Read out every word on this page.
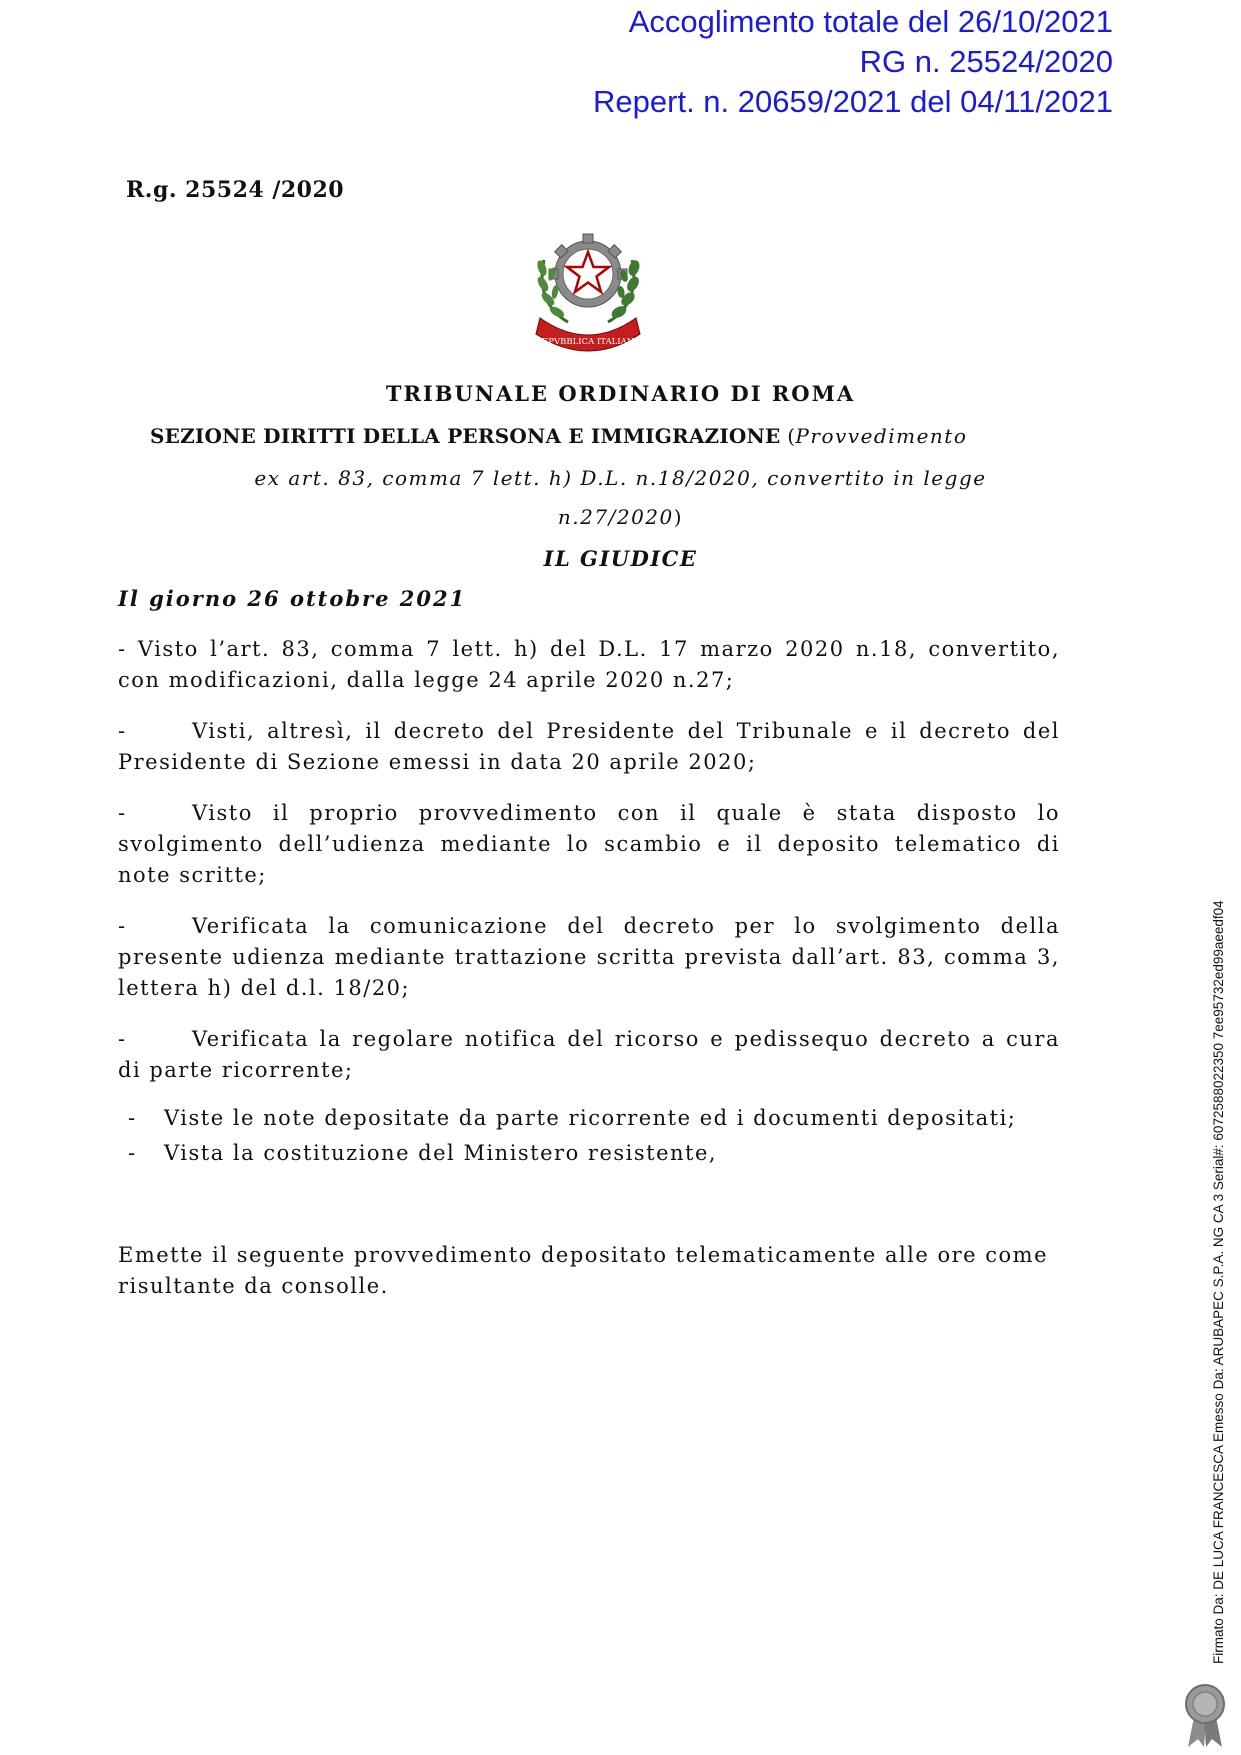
Accoglimento totale del 26/10/2021
RG n. 25524/2020
Repert. n. 20659/2021 del 04/11/2021
R.g. 25524 /2020
REPVBBLICA ITALIANA
TRIBUNALE ORDINARIO DI ROMA
SEZIONE DIRITTI DELLA PERSONA E IMMIGRAZIONE (Provvedimento
ex art. 83, comma 7 lett. h) D.L. n.18/2020, convertito in legge
n.27/2020)
IL GIUDICE
Il giorno 26 ottobre 2021
- Visto l’art. 83, comma 7 lett. h) del D.L. 17 marzo 2020 n.18, convertito, con modificazioni, dalla legge 24 aprile 2020 n.27;
-	Visti, altresì, il decreto del Presidente del Tribunale e il decreto del Presidente di Sezione emessi in data 20 aprile 2020;
-	Visto il proprio provvedimento con il quale è stata disposto lo svolgimento dell’udienza mediante lo scambio e il deposito telematico di note scritte;
-	Verificata la comunicazione del decreto per lo svolgimento della presente udienza mediante trattazione scritta prevista dall’art. 83, comma 3, lettera h) del d.l. 18/20;
-	Verificata la regolare notifica del ricorso e pedissequo decreto a cura di parte ricorrente;
- Viste le note depositate da parte ricorrente ed i documenti depositati;
- Vista la costituzione del Ministero resistente,
Emette il seguente provvedimento depositato telematicamente alle ore come risultante da consolle.	Firmato Da: DE LUCA FRANCESCA Emesso Da: ARUBAPEC S.P.A. NG CA 3 Serial#: 6072588022350 7ee95732ed99aeedf04
